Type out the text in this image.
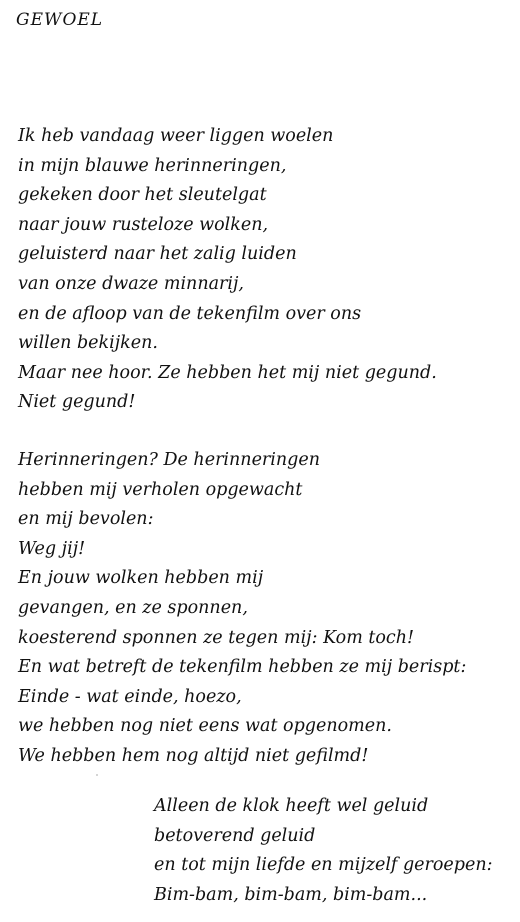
GEWOEL
Ik heb vandaag weer liggen woelen
in mijn blauwe herinneringen,
gekeken door het sleutelgat
naar jouw rusteloze wolken,
geluisterd naar het zalig luiden
van onze dwaze minnarij,
en de afloop van de tekenfilm over ons
willen bekijken.
Maar nee hoor. Ze hebben het mij niet gegund.
Niet gegund!
Herinneringen? De herinneringen
hebben mij verholen opgewacht
en mij bevolen:
Weg jij!
En jouw wolken hebben mij
gevangen, en ze sponnen,
koesterend sponnen ze tegen mij: Kom toch!
En wat betreft de tekenfilm hebben ze mij berispt:
Einde - wat einde, hoezo,
we hebben nog niet eens wat opgenomen.
We hebben hem nog altijd niet gefilmd!
Alleen de klok heeft wel geluid
betoverend geluid
en tot mijn liefde en mijzelf geroepen:
Bim-bam, bim-bam, bim-bam...
